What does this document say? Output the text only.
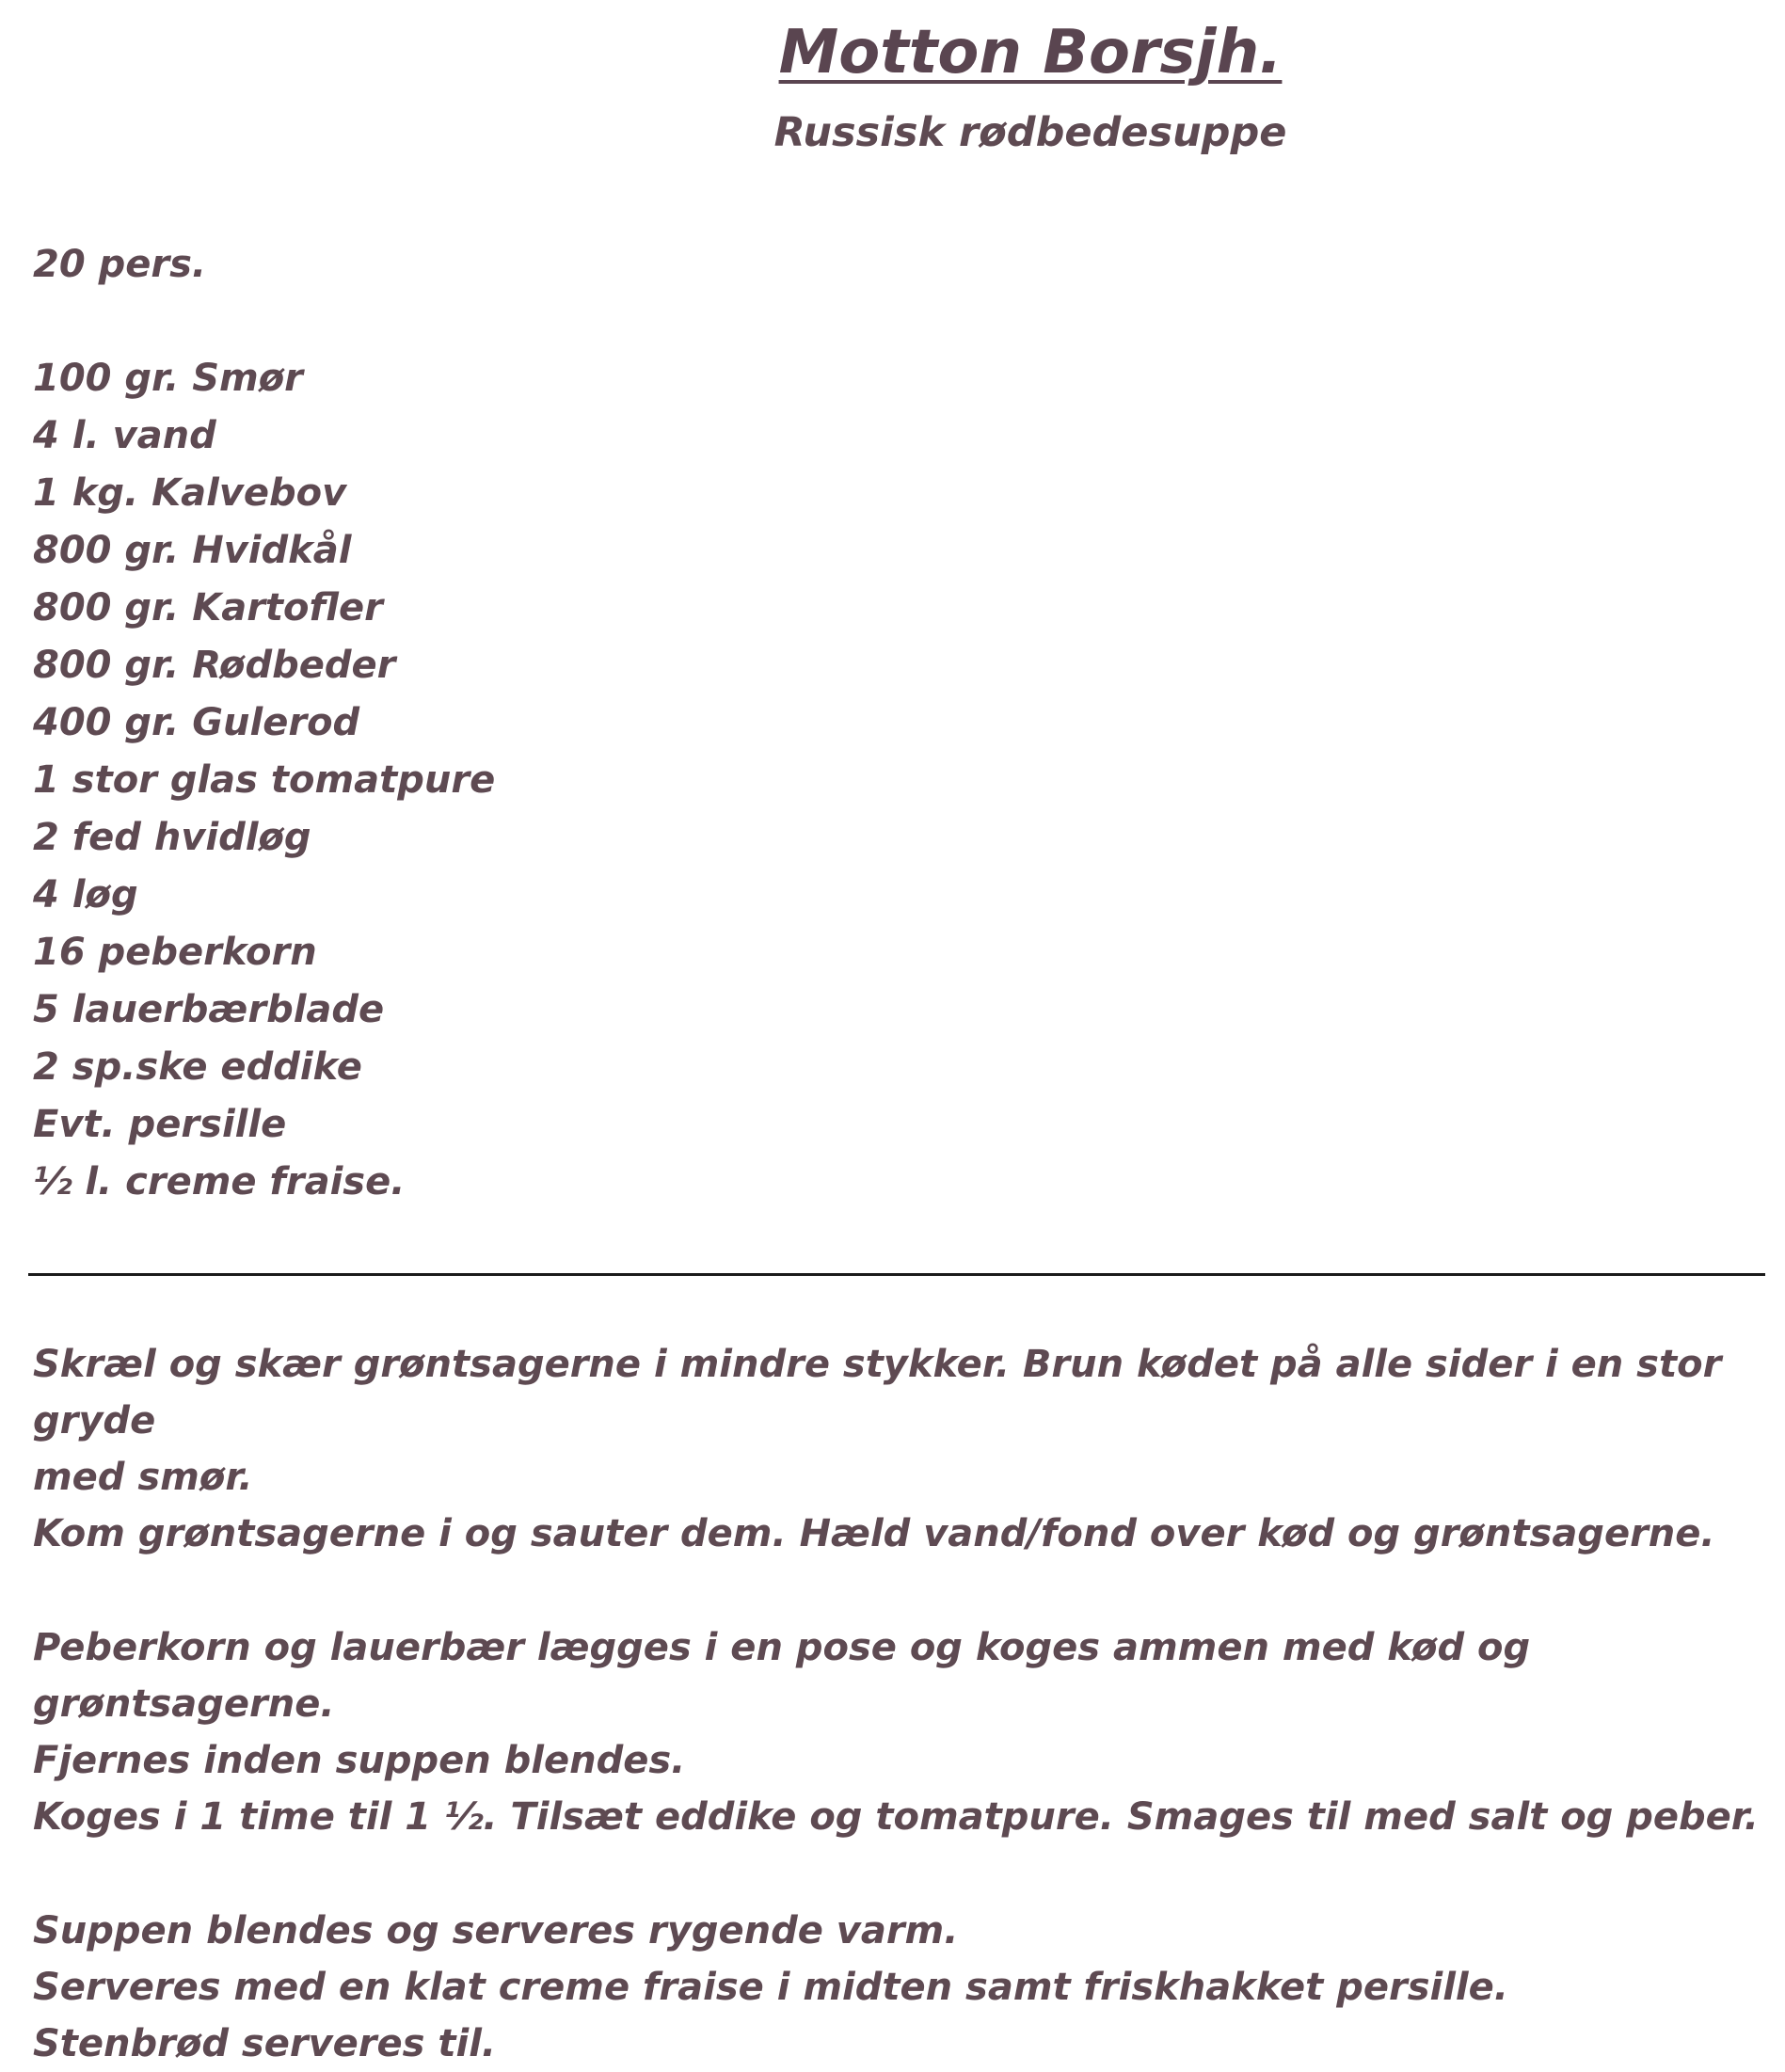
Motton Borsjh.
Russisk rødbedesuppe
20 pers.
100 gr. Smør
4 l. vand
1 kg. Kalvebov
800 gr. Hvidkål
800 gr. Kartofler
800 gr. Rødbeder
400 gr. Gulerod
1 stor glas tomatpure
2 fed hvidløg
4 løg
16 peberkorn
5 lauerbærblade
2 sp.ske eddike
Evt. persille
½ l. creme fraise.

Skræl og skær grøntsagerne i mindre stykker. Brun kødet på alle sider i en stor gryde

med smør.

Kom grøntsagerne i og sauter dem. Hæld vand/fond over kød og grøntsagerne.

Peberkorn og lauerbær lægges i en pose og koges ammen med kød og grøntsagerne.

Fjernes inden suppen blendes.

Koges i 1 time til 1 ½. Tilsæt eddike og tomatpure. Smages til med salt og peber.

Suppen blendes og serveres rygende varm.

Serveres med en klat creme fraise i midten samt friskhakket persille.

Stenbrød serveres til.
